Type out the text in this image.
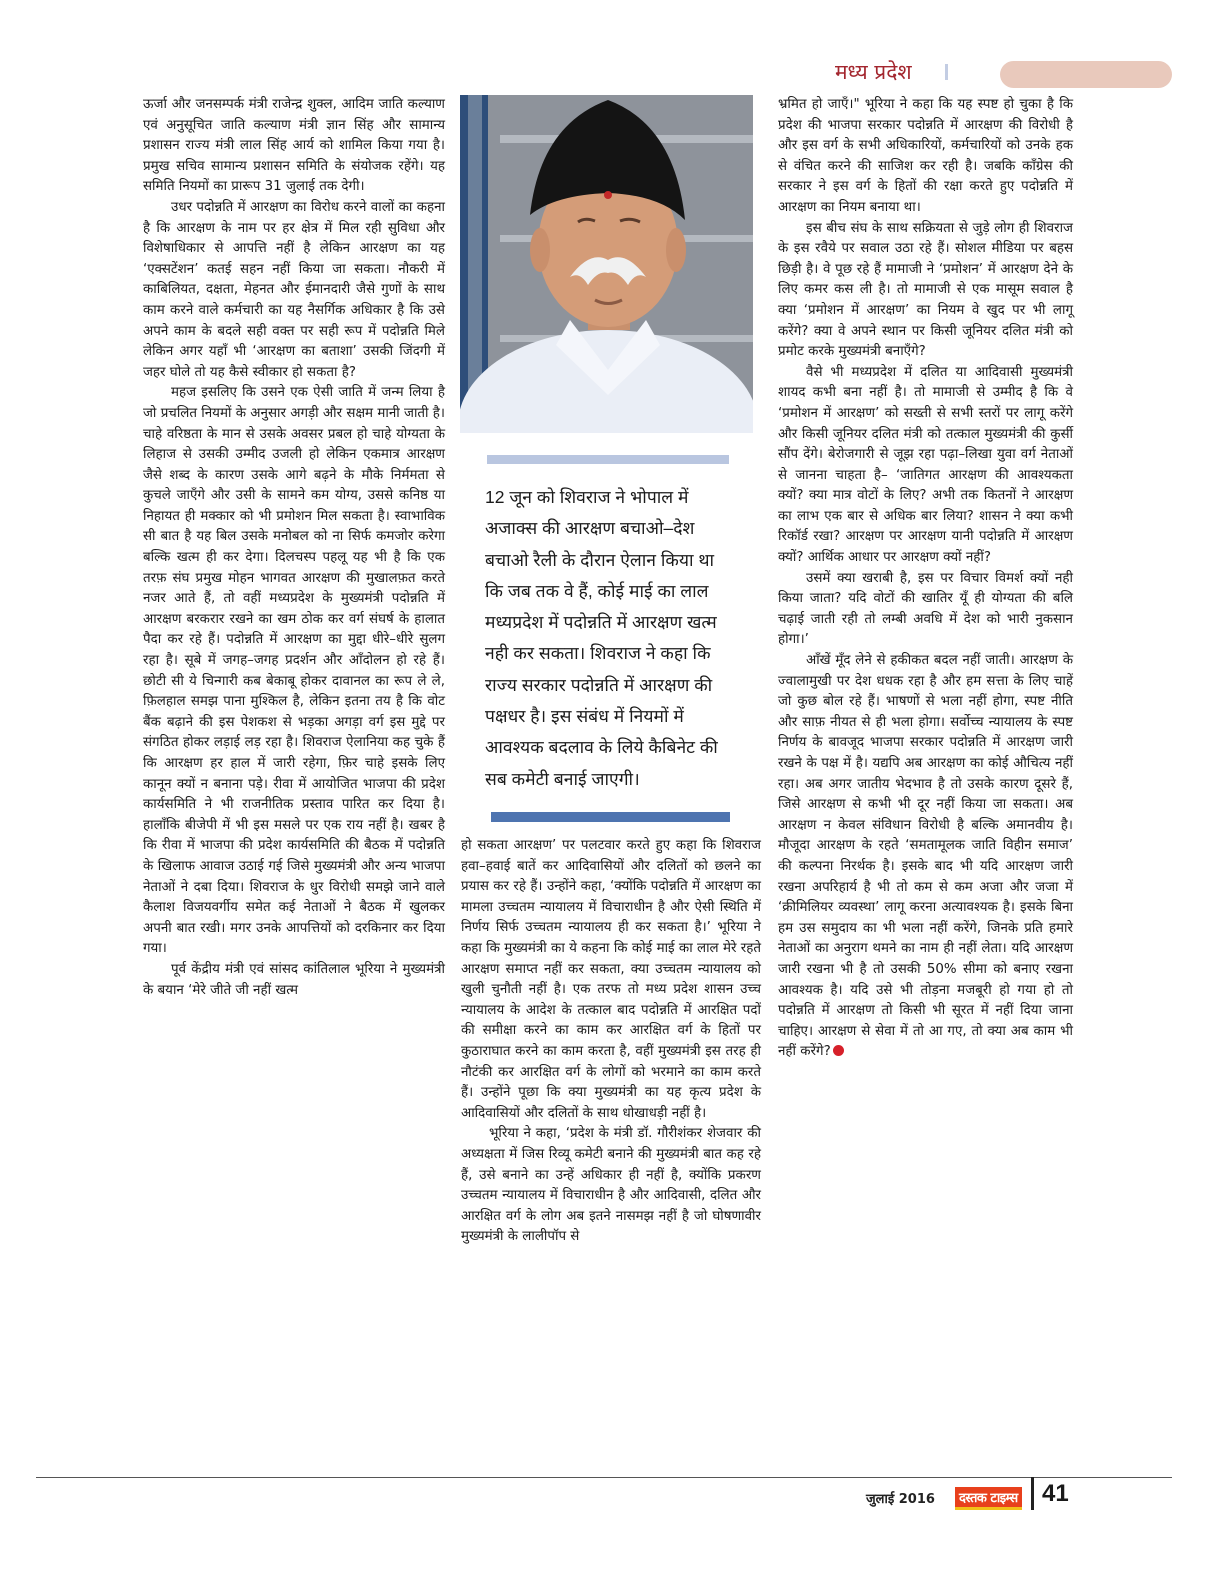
मध्य प्रदेश

ऊर्जा और जनसम्पर्क मंत्री राजेन्द्र शुक्ल, आदिम जाति कल्याण एवं अनुसूचित जाति कल्याण मंत्री ज्ञान सिंह और सामान्य प्रशासन राज्य मंत्री लाल सिंह आर्य को शामिल किया गया है। प्रमुख सचिव सामान्य प्रशासन समिति के संयोजक रहेंगे। यह समिति नियमों का प्रारूप 31 जुलाई तक देगी।

उधर पदोन्नति में आरक्षण का विरोध करने वालों का कहना है कि आरक्षण के नाम पर हर क्षेत्र में मिल रही सुविधा और विशेषाधिकार से आपत्ति नहीं है लेकिन आरक्षण का यह ‘एक्सटेंशन’ कतई सहन नहीं किया जा सकता। नौकरी में काबिलियत, दक्षता, मेहनत और ईमानदारी जैसे गुणों के साथ काम करने वाले कर्मचारी का यह नैसर्गिक अधिकार है कि उसे अपने काम के बदले सही वक्त पर सही रूप में पदोन्नति मिले लेकिन अगर यहाँ भी ‘आरक्षण का बताशा’ उसकी जिंदगी में जहर घोले तो यह कैसे स्वीकार हो सकता है?

महज इसलिए कि उसने एक ऐसी जाति में जन्म लिया है जो प्रचलित नियमों के अनुसार अगड़ी और सक्षम मानी जाती है। चाहे वरिष्ठता के मान से उसके अवसर प्रबल हो चाहे योग्यता के लिहाज से उसकी उम्मीद उजली हो लेकिन एकमात्र आरक्षण जैसे शब्द के कारण उसके आगे बढ़ने के मौके निर्ममता से कुचले जाएँगे और उसी के सामने कम योग्य, उससे कनिष्ठ या निहायत ही मक्कार को भी प्रमोशन मिल सकता है। स्वाभाविक सी बात है यह बिल उसके मनोबल को ना सिर्फ कमजोर करेगा बल्कि खत्म ही कर देगा। दिलचस्प पहलू यह भी है कि एक तरफ़ संघ प्रमुख मोहन भागवत आरक्षण की मुखालफ़त करते नजर आते हैं, तो वहीं मध्यप्रदेश के मुख्यमंत्री पदोन्नति में आरक्षण बरकरार रखने का खम ठोक कर वर्ग संघर्ष के हालात पैदा कर रहे हैं। पदोन्नति में आरक्षण का मुद्दा धीरे–धीरे सुलग रहा है। सूबे में जगह–जगह प्रदर्शन और आँदोलन हो रहे हैं। छोटी सी ये चिन्गारी कब बेकाबू होकर दावानल का रूप ले ले, फ़िलहाल समझ पाना मुश्किल है, लेकिन इतना तय है कि वोट बैंक बढ़ाने की इस पेशकश से भड़का अगड़ा वर्ग इस मुद्दे पर संगठित होकर लड़ाई लड़ रहा है। शिवराज ऐलानिया कह चुके हैं कि आरक्षण हर हाल में जारी रहेगा, फ़िर चाहे इसके लिए कानून क्यों न बनाना पड़े। रीवा में आयोजित भाजपा की प्रदेश कार्यसमिति ने भी राजनीतिक प्रस्ताव पारित कर दिया है। हालाँकि बीजेपी में भी इस मसले पर एक राय नहीं है। खबर है कि रीवा में भाजपा की प्रदेश कार्यसमिति की बैठक में पदोन्नति के खिलाफ आवाज उठाई गई जिसे मुख्यमंत्री और अन्य भाजपा नेताओं ने दबा दिया। शिवराज के धुर विरोधी समझे जाने वाले कैलाश विजयवर्गीय समेत कई नेताओं ने बैठक में खुलकर अपनी बात रखी। मगर उनके आपत्तियों को दरकिनार कर दिया गया।

पूर्व केंद्रीय मंत्री एवं सांसद कांतिलाल भूरिया ने मुख्यमंत्री के बयान ‘मेरे जीते जी नहीं खत्म

12 जून को शिवराज ने भोपाल में अजाक्स की आरक्षण बचाओ–देश बचाओ रैली के दौरान ऐलान किया था कि जब तक वे हैं, कोई माई का लाल मध्यप्रदेश में पदोन्नति में आरक्षण खत्म नही कर सकता। शिवराज ने कहा कि राज्य सरकार पदोन्नति में आरक्षण की पक्षधर है। इस संबंध में नियमों में आवश्यक बदलाव के लिये कैबिनेट की सब कमेटी बनाई जाएगी।

हो सकता आरक्षण’ पर पलटवार करते हुए कहा कि शिवराज हवा–हवाई बातें कर आदिवासियों और दलितों को छलने का प्रयास कर रहे हैं। उन्होंने कहा, ‘क्योंकि पदोन्नति में आरक्षण का मामला उच्चतम न्यायालय में विचाराधीन है और ऐसी स्थिति में निर्णय सिर्फ उच्चतम न्यायालय ही कर सकता है।’ भूरिया ने कहा कि मुख्यमंत्री का ये कहना कि कोई माई का लाल मेरे रहते आरक्षण समाप्त नहीं कर सकता, क्या उच्चतम न्यायालय को खुली चुनौती नहीं है। एक तरफ तो मध्य प्रदेश शासन उच्च न्यायालय के आदेश के तत्काल बाद पदोन्नति में आरक्षित पदों की समीक्षा करने का काम कर आरक्षित वर्ग के हितों पर कुठाराघात करने का काम करता है, वहीं मुख्यमंत्री इस तरह ही नौटंकी कर आरक्षित वर्ग के लोगों को भरमाने का काम करते हैं। उन्होंने पूछा कि क्या मुख्यमंत्री का यह कृत्य प्रदेश के आदिवासियों और दलितों के साथ धोखाधड़ी नहीं है।

भूरिया ने कहा, ‘प्रदेश के मंत्री डॉ. गौरीशंकर शेजवार की अध्यक्षता में जिस रिव्यू कमेटी बनाने की मुख्यमंत्री बात कह रहे हैं, उसे बनाने का उन्हें अधिकार ही नहीं है, क्योंकि प्रकरण उच्चतम न्यायालय में विचाराधीन है और आदिवासी, दलित और आरक्षित वर्ग के लोग अब इतने नासमझ नहीं है जो घोषणावीर मुख्यमंत्री के लालीपॉप से

भ्रमित हो जाएँ।" भूरिया ने कहा कि यह स्पष्ट हो चुका है कि प्रदेश की भाजपा सरकार पदोन्नति में आरक्षण की विरोधी है और इस वर्ग के सभी अधिकारियों, कर्मचारियों को उनके हक से वंचित करने की साजिश कर रही है। जबकि कॉंग्रेस की सरकार ने इस वर्ग के हितों की रक्षा करते हुए पदोन्नति में आरक्षण का नियम बनाया था।

इस बीच संघ के साथ सक्रियता से जुड़े लोग ही शिवराज के इस रवैये पर सवाल उठा रहे हैं। सोशल मीडिया पर बहस छिड़ी है। वे पूछ रहे हैं मामाजी ने ‘प्रमोशन’ में आरक्षण देने के लिए कमर कस ली है। तो मामाजी से एक मासूम सवाल है क्या ‘प्रमोशन में आरक्षण’ का नियम वे खुद पर भी लागू करेंगे? क्या वे अपने स्थान पर किसी जूनियर दलित मंत्री को प्रमोट करके मुख्यमंत्री बनाएँगे?

वैसे भी मध्यप्रदेश में दलित या आदिवासी मुख्यमंत्री शायद कभी बना नहीं है। तो मामाजी से उम्मीद है कि वे ‘प्रमोशन में आरक्षण’ को सख्ती से सभी स्तरों पर लागू करेंगे और किसी जूनियर दलित मंत्री को तत्काल मुख्यमंत्री की कुर्सी सौंप देंगे। बेरोजगारी से जूझ रहा पढ़ा–लिखा युवा वर्ग नेताओं से जानना चाहता है– ‘जातिगत आरक्षण की आवश्यकता क्यों? क्या मात्र वोटों के लिए? अभी तक कितनों ने आरक्षण का लाभ एक बार से अधिक बार लिया? शासन ने क्या कभी रिकॉर्ड रखा? आरक्षण पर आरक्षण यानी पदोन्नति में आरक्षण क्यों? आर्थिक आधार पर आरक्षण क्यों नहीं?

उसमें क्या खराबी है, इस पर विचार विमर्श क्यों नही किया जाता? यदि वोटों की खातिर यूँ ही योग्यता की बलि चढ़ाई जाती रही तो लम्बी अवधि में देश को भारी नुकसान होगा।’

आँखें मूँद लेने से हकीकत बदल नहीं जाती। आरक्षण के ज्वालामुखी पर देश धधक रहा है और हम सत्ता के लिए चाहें जो कुछ बोल रहे हैं। भाषणों से भला नहीं होगा, स्पष्ट नीति और साफ़ नीयत से ही भला होगा। सर्वोच्च न्यायालय के स्पष्ट निर्णय के बावजूद भाजपा सरकार पदोन्नति में आरक्षण जारी रखने के पक्ष में है। यद्यपि अब आरक्षण का कोई औचित्य नहीं रहा। अब अगर जातीय भेदभाव है तो उसके कारण दूसरे हैं, जिसे आरक्षण से कभी भी दूर नहीं किया जा सकता। अब आरक्षण न केवल संविधान विरोधी है बल्कि अमानवीय है। मौजूदा आरक्षण के रहते ‘समतामूलक जाति विहीन समाज’ की कल्पना निरर्थक है। इसके बाद भी यदि आरक्षण जारी रखना अपरिहार्य है भी तो कम से कम अजा और जजा में ‘क्रीमिलियर व्यवस्था’ लागू करना अत्यावश्यक है। इसके बिना हम उस समुदाय का भी भला नहीं करेंगे, जिनके प्रति हमारे नेताओं का अनुराग थमने का नाम ही नहीं लेता। यदि आरक्षण जारी रखना भी है तो उसकी 50% सीमा को बनाए रखना आवश्यक है। यदि उसे भी तोड़ना मजबूरी हो गया हो तो पदोन्नति में आरक्षण तो किसी भी सूरत में नहीं दिया जाना चाहिए। आरक्षण से सेवा में तो आ गए, तो क्या अब काम भी नहीं करेंगे?

जुलाई 2016	दस्तक टाइम्स 41
